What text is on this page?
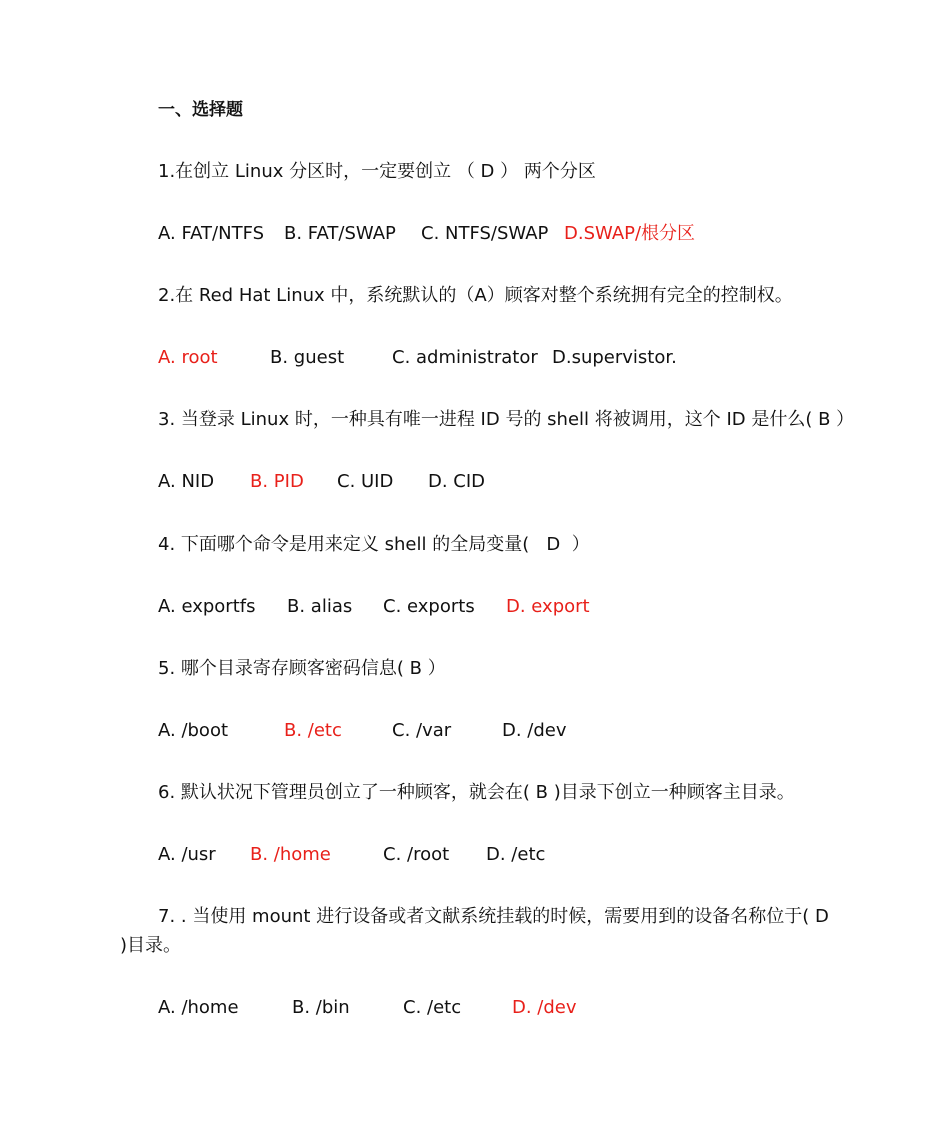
一、选择题
1.在创立 Linux 分区时，一定要创立 （ D ） 两个分区
A. FAT/NTFS B. FAT/SWAP C. NTFS/SWAP D.SWAP/根分区
2.在 Red Hat Linux 中，系统默认的（A）顾客对整个系统拥有完全的控制权。
A. root	B. guest	C. administrator D.supervistor.
3. 当登录 Linux 时，一种具有唯一进程 ID 号的 shell 将被调用，这个 ID 是什么( B ）
A. NID B. PID C. UID D. CID
4. 下面哪个命令是用来定义 shell 的全局变量(   D  ）
A. exportfs B. alias C. exports D. export
5. 哪个目录寄存顾客密码信息( B ）
A. /boot	B. /etc	C. /var	D. /dev
6. 默认状况下管理员创立了一种顾客，就会在( B )目录下创立一种顾客主目录。
A. /usr B. /home	C. /root D. /etc
7. . 当使用 mount 进行设备或者文献系统挂载的时候，需要用到的设备名称位于( D
)目录。
A. /home	B. /bin	C. /etc	D. /dev
